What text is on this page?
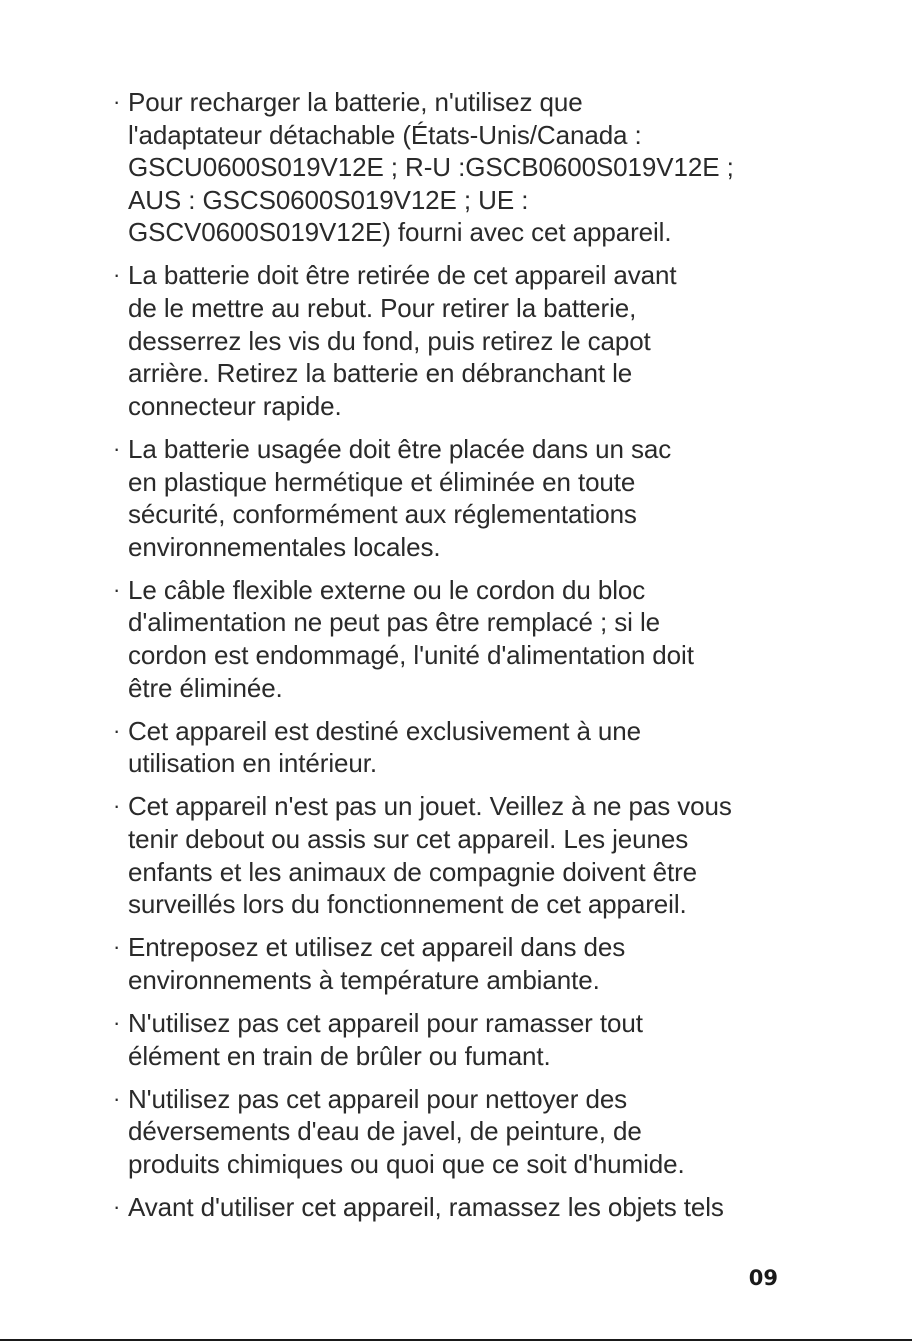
· Pour recharger la batterie, n'utilisez que
l'adaptateur détachable (États-Unis/Canada :
GSCU0600S019V12E ; R-U :GSCB0600S019V12E ;
AUS : GSCS0600S019V12E ; UE :
GSCV0600S019V12E) fourni avec cet appareil.
· La batterie doit être retirée de cet appareil avant
de le mettre au rebut. Pour retirer la batterie,
desserrez les vis du fond, puis retirez le capot
arrière. Retirez la batterie en débranchant le
connecteur rapide.
· La batterie usagée doit être placée dans un sac
en plastique hermétique et éliminée en toute
sécurité, conformément aux réglementations
environnementales locales.
· Le câble flexible externe ou le cordon du bloc
d'alimentation ne peut pas être remplacé ; si le
cordon est endommagé, l'unité d'alimentation doit
être éliminée.
· Cet appareil est destiné exclusivement à une
utilisation en intérieur.
· Cet appareil n'est pas un jouet. Veillez à ne pas vous
tenir debout ou assis sur cet appareil. Les jeunes
enfants et les animaux de compagnie doivent être
surveillés lors du fonctionnement de cet appareil.
· Entreposez et utilisez cet appareil dans des
environnements à température ambiante.
· N'utilisez pas cet appareil pour ramasser tout
élément en train de brûler ou fumant.
· N'utilisez pas cet appareil pour nettoyer des
déversements d'eau de javel, de peinture, de
produits chimiques ou quoi que ce soit d'humide.
· Avant d'utiliser cet appareil, ramassez les objets tels
09
